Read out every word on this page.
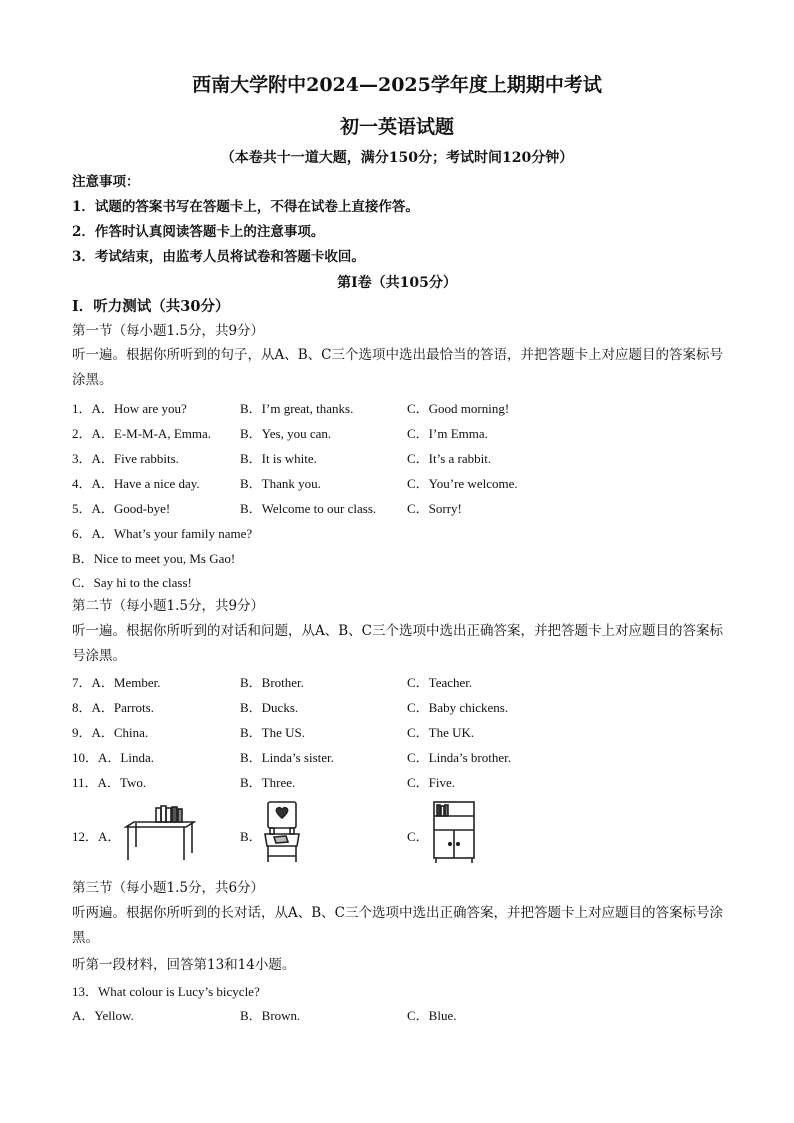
西南大学附中2024—2025学年度上期期中考试
初一英语试题
（本卷共十一道大题，满分150分；考试时间120分钟）
注意事项：
1．试题的答案书写在答题卡上，不得在试卷上直接作答。
2．作答时认真阅读答题卡上的注意事项。
3．考试结束，由监考人员将试卷和答题卡收回。
第Ⅰ卷（共105分）
Ⅰ．听力测试（共30分）
第一节（每小题1.5分，共9分）
听一遍。根据你所听到的句子，从A、B、C三个选项中选出最恰当的答语，并把答题卡上对应题目的答案标号涂黑。
1．A．How are you?	B．I’m great, thanks.	C．Good morning!
2．A．E-M-M-A, Emma. B．Yes, you can.	C．I’m Emma.
3．A．Five rabbits.	B．It is white.	C．It’s a rabbit.
4．A．Have a nice day.	B．Thank you.	C．You’re welcome.
5．A．Good-bye!	B．Welcome to our class. C．Sorry!
6．A．What’s your family name?
B．Nice to meet you, Ms Gao!
C．Say hi to the class!
第二节（每小题1.5分，共9分）
听一遍。根据你所听到的对话和问题，从A、B、C三个选项中选出正确答案，并把答题卡上对应题目的答案标号涂黑。
7．A．Member.	B．Brother.	C．Teacher.
8．A．Parrots.	B．Ducks.	C．Baby chickens.
9．A．China.	B．The US.	C．The UK.
10．A．Linda.	B．Linda’s sister.	C．Linda’s brother.
11．A．Two.	B．Three.	C．Five.
12．A．	B．	C．
第三节（每小题1.5分，共6分）
听两遍。根据你所听到的长对话，从A、B、C三个选项中选出正确答案，并把答题卡上对应题目的答案标号涂黑。
听第一段材料，回答第13和14小题。
13．What colour is Lucy’s bicycle?
A．Yellow.	B．Brown.	C．Blue.
